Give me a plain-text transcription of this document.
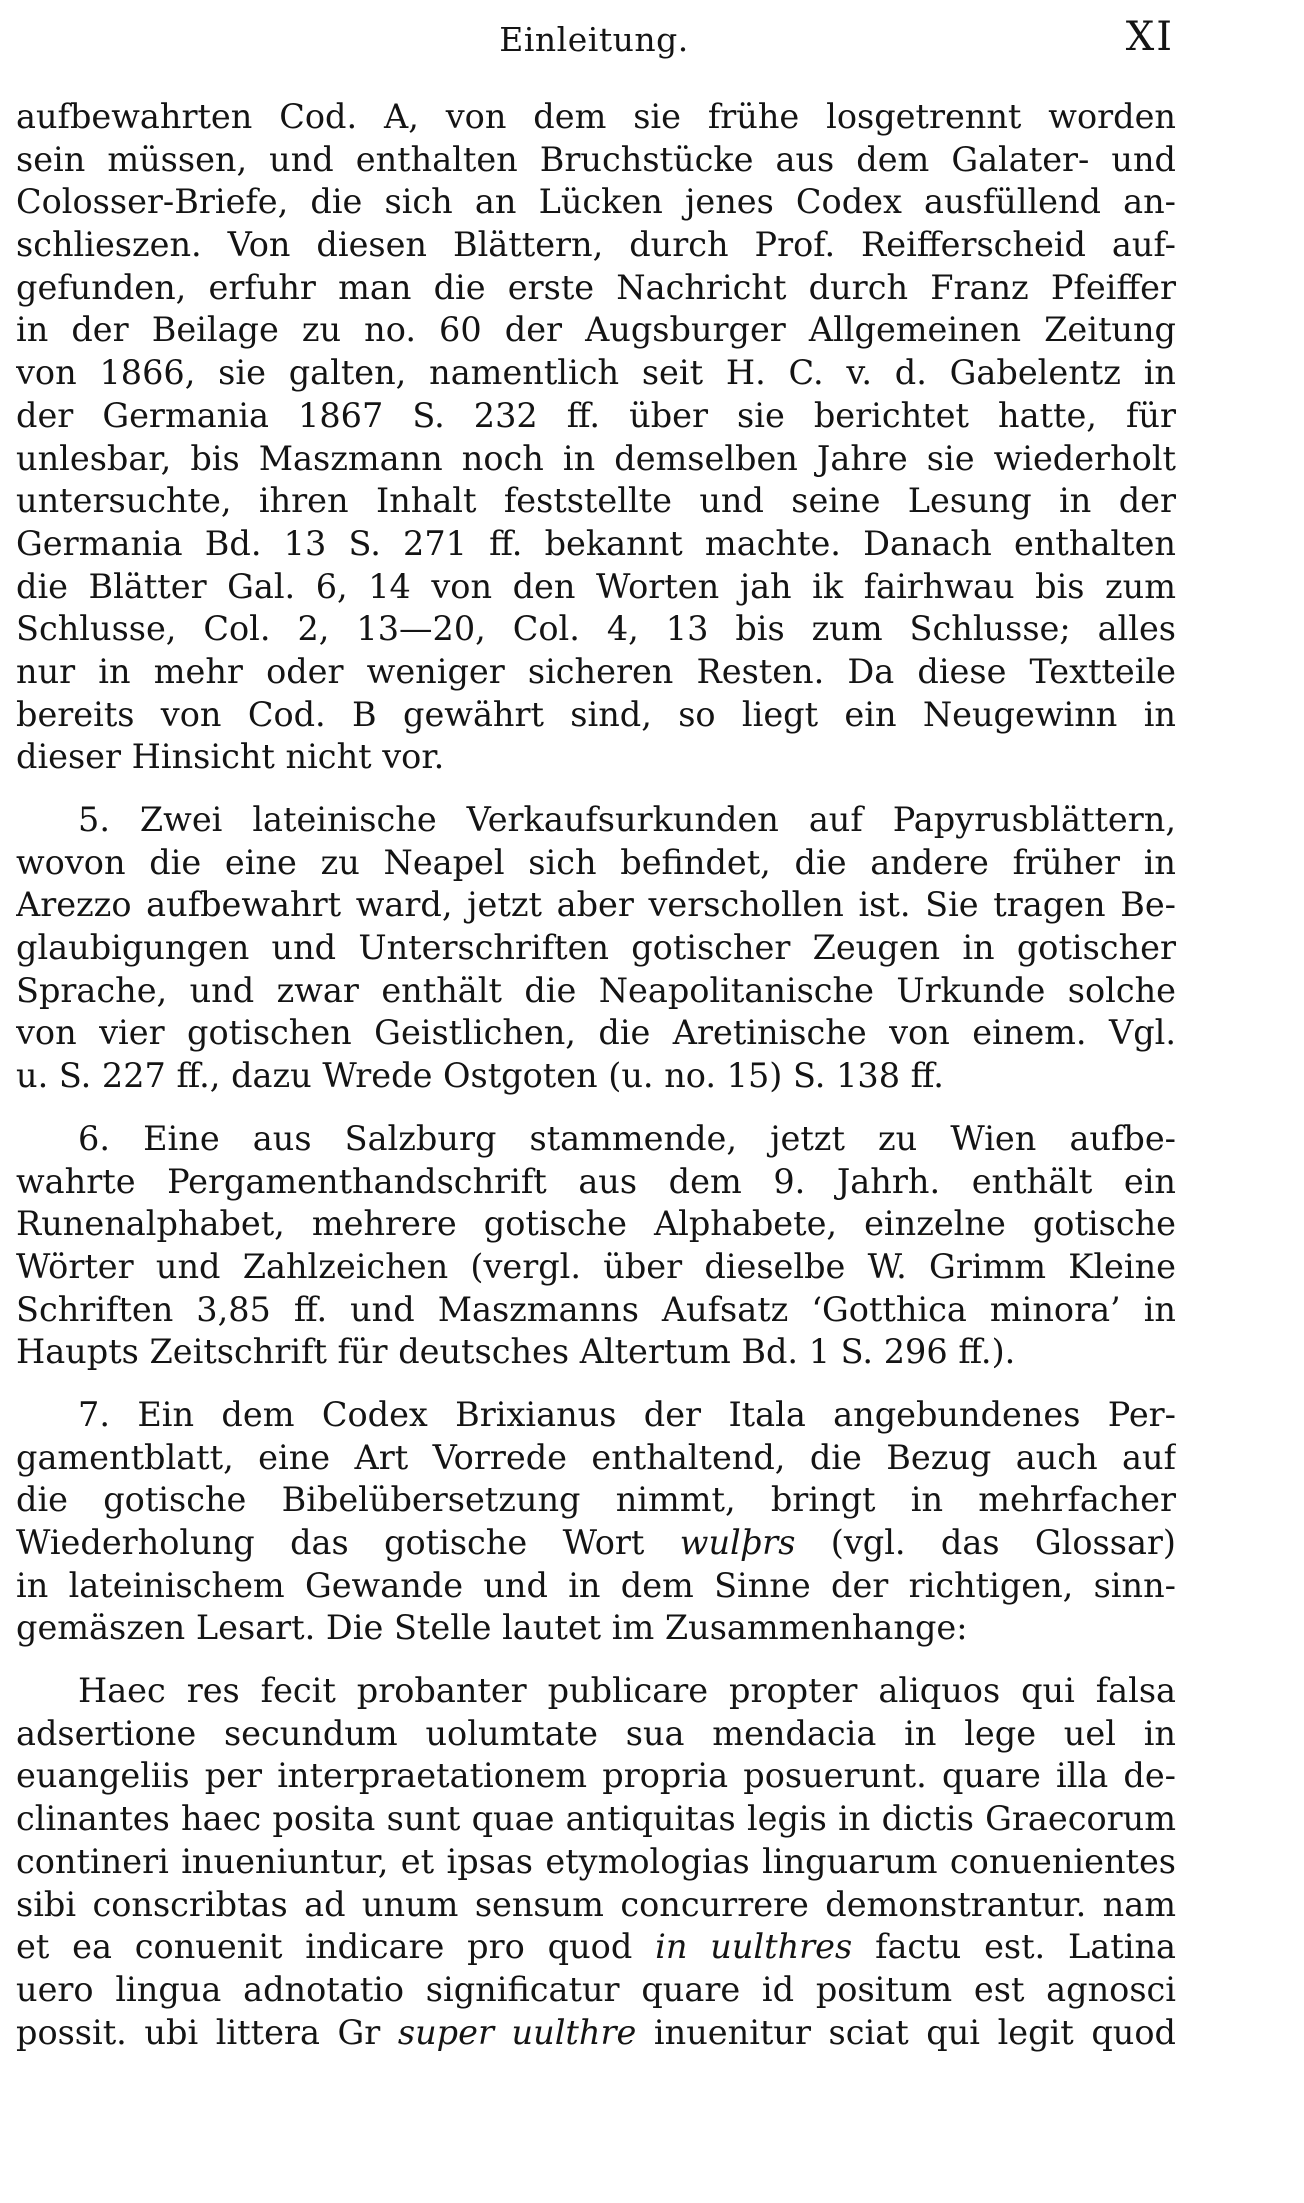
Einleitung.	XI
aufbewahrten Cod. A, von dem sie frühe losgetrennt worden
sein müssen, und enthalten Bruchstücke aus dem Galater- und
Colosser-Briefe, die sich an Lücken jenes Codex ausfüllend an-
schlieszen. Von diesen Blättern, durch Prof. Reifferscheid auf-
gefunden, erfuhr man die erste Nachricht durch Franz Pfeiffer
in der Beilage zu no. 60 der Augsburger Allgemeinen Zeitung
von 1866, sie galten, namentlich seit H. C. v. d. Gabelentz in
der Germania 1867 S. 232 ff. über sie berichtet hatte, für
unlesbar, bis Maszmann noch in demselben Jahre sie wiederholt
untersuchte, ihren Inhalt feststellte und seine Lesung in der
Germania Bd. 13 S. 271 ff. bekannt machte. Danach enthalten
die Blätter Gal. 6, 14 von den Worten jah ik fairhwau bis zum
Schlusse, Col. 2, 13—20, Col. 4, 13 bis zum Schlusse; alles
nur in mehr oder weniger sicheren Resten. Da diese Textteile
bereits von Cod. B gewährt sind, so liegt ein Neugewinn in
dieser Hinsicht nicht vor.
5. Zwei lateinische Verkaufsurkunden auf Papyrusblättern,
wovon die eine zu Neapel sich befindet, die andere früher in
Arezzo aufbewahrt ward, jetzt aber verschollen ist. Sie tragen Be-
glaubigungen und Unterschriften gotischer Zeugen in gotischer
Sprache, und zwar enthält die Neapolitanische Urkunde solche
von vier gotischen Geistlichen, die Aretinische von einem. Vgl.
u. S. 227 ff., dazu Wrede Ostgoten (u. no. 15) S. 138 ff.
6. Eine aus Salzburg stammende, jetzt zu Wien aufbe-
wahrte Pergamenthandschrift aus dem 9. Jahrh. enthält ein
Runenalphabet, mehrere gotische Alphabete, einzelne gotische
Wörter und Zahlzeichen (vergl. über dieselbe W. Grimm Kleine
Schriften 3,85 ff. und Maszmanns Aufsatz ‘Gotthica minora’ in
Haupts Zeitschrift für deutsches Altertum Bd. 1 S. 296 ff.).
7. Ein dem Codex Brixianus der Itala angebundenes Per-
gamentblatt, eine Art Vorrede enthaltend, die Bezug auch auf
die gotische Bibelübersetzung nimmt, bringt in mehrfacher
Wiederholung das gotische Wort wulþrs (vgl. das Glossar)
in lateinischem Gewande und in dem Sinne der richtigen, sinn-
gemäszen Lesart. Die Stelle lautet im Zusammenhange:
Haec res fecit probanter publicare propter aliquos qui falsa
adsertione secundum uolumtate sua mendacia in lege uel in
euangeliis per interpraetationem propria posuerunt. quare illa de-
clinantes haec posita sunt quae antiquitas legis in dictis Graecorum
contineri inueniuntur, et ipsas etymologias linguarum conuenientes
sibi conscribtas ad unum sensum concurrere demonstrantur. nam
et ea conuenit indicare pro quod in uulthres factu est. Latina
uero lingua adnotatio significatur quare id positum est agnosci
possit. ubi littera Gr super uulthre inuenitur sciat qui legit quod
